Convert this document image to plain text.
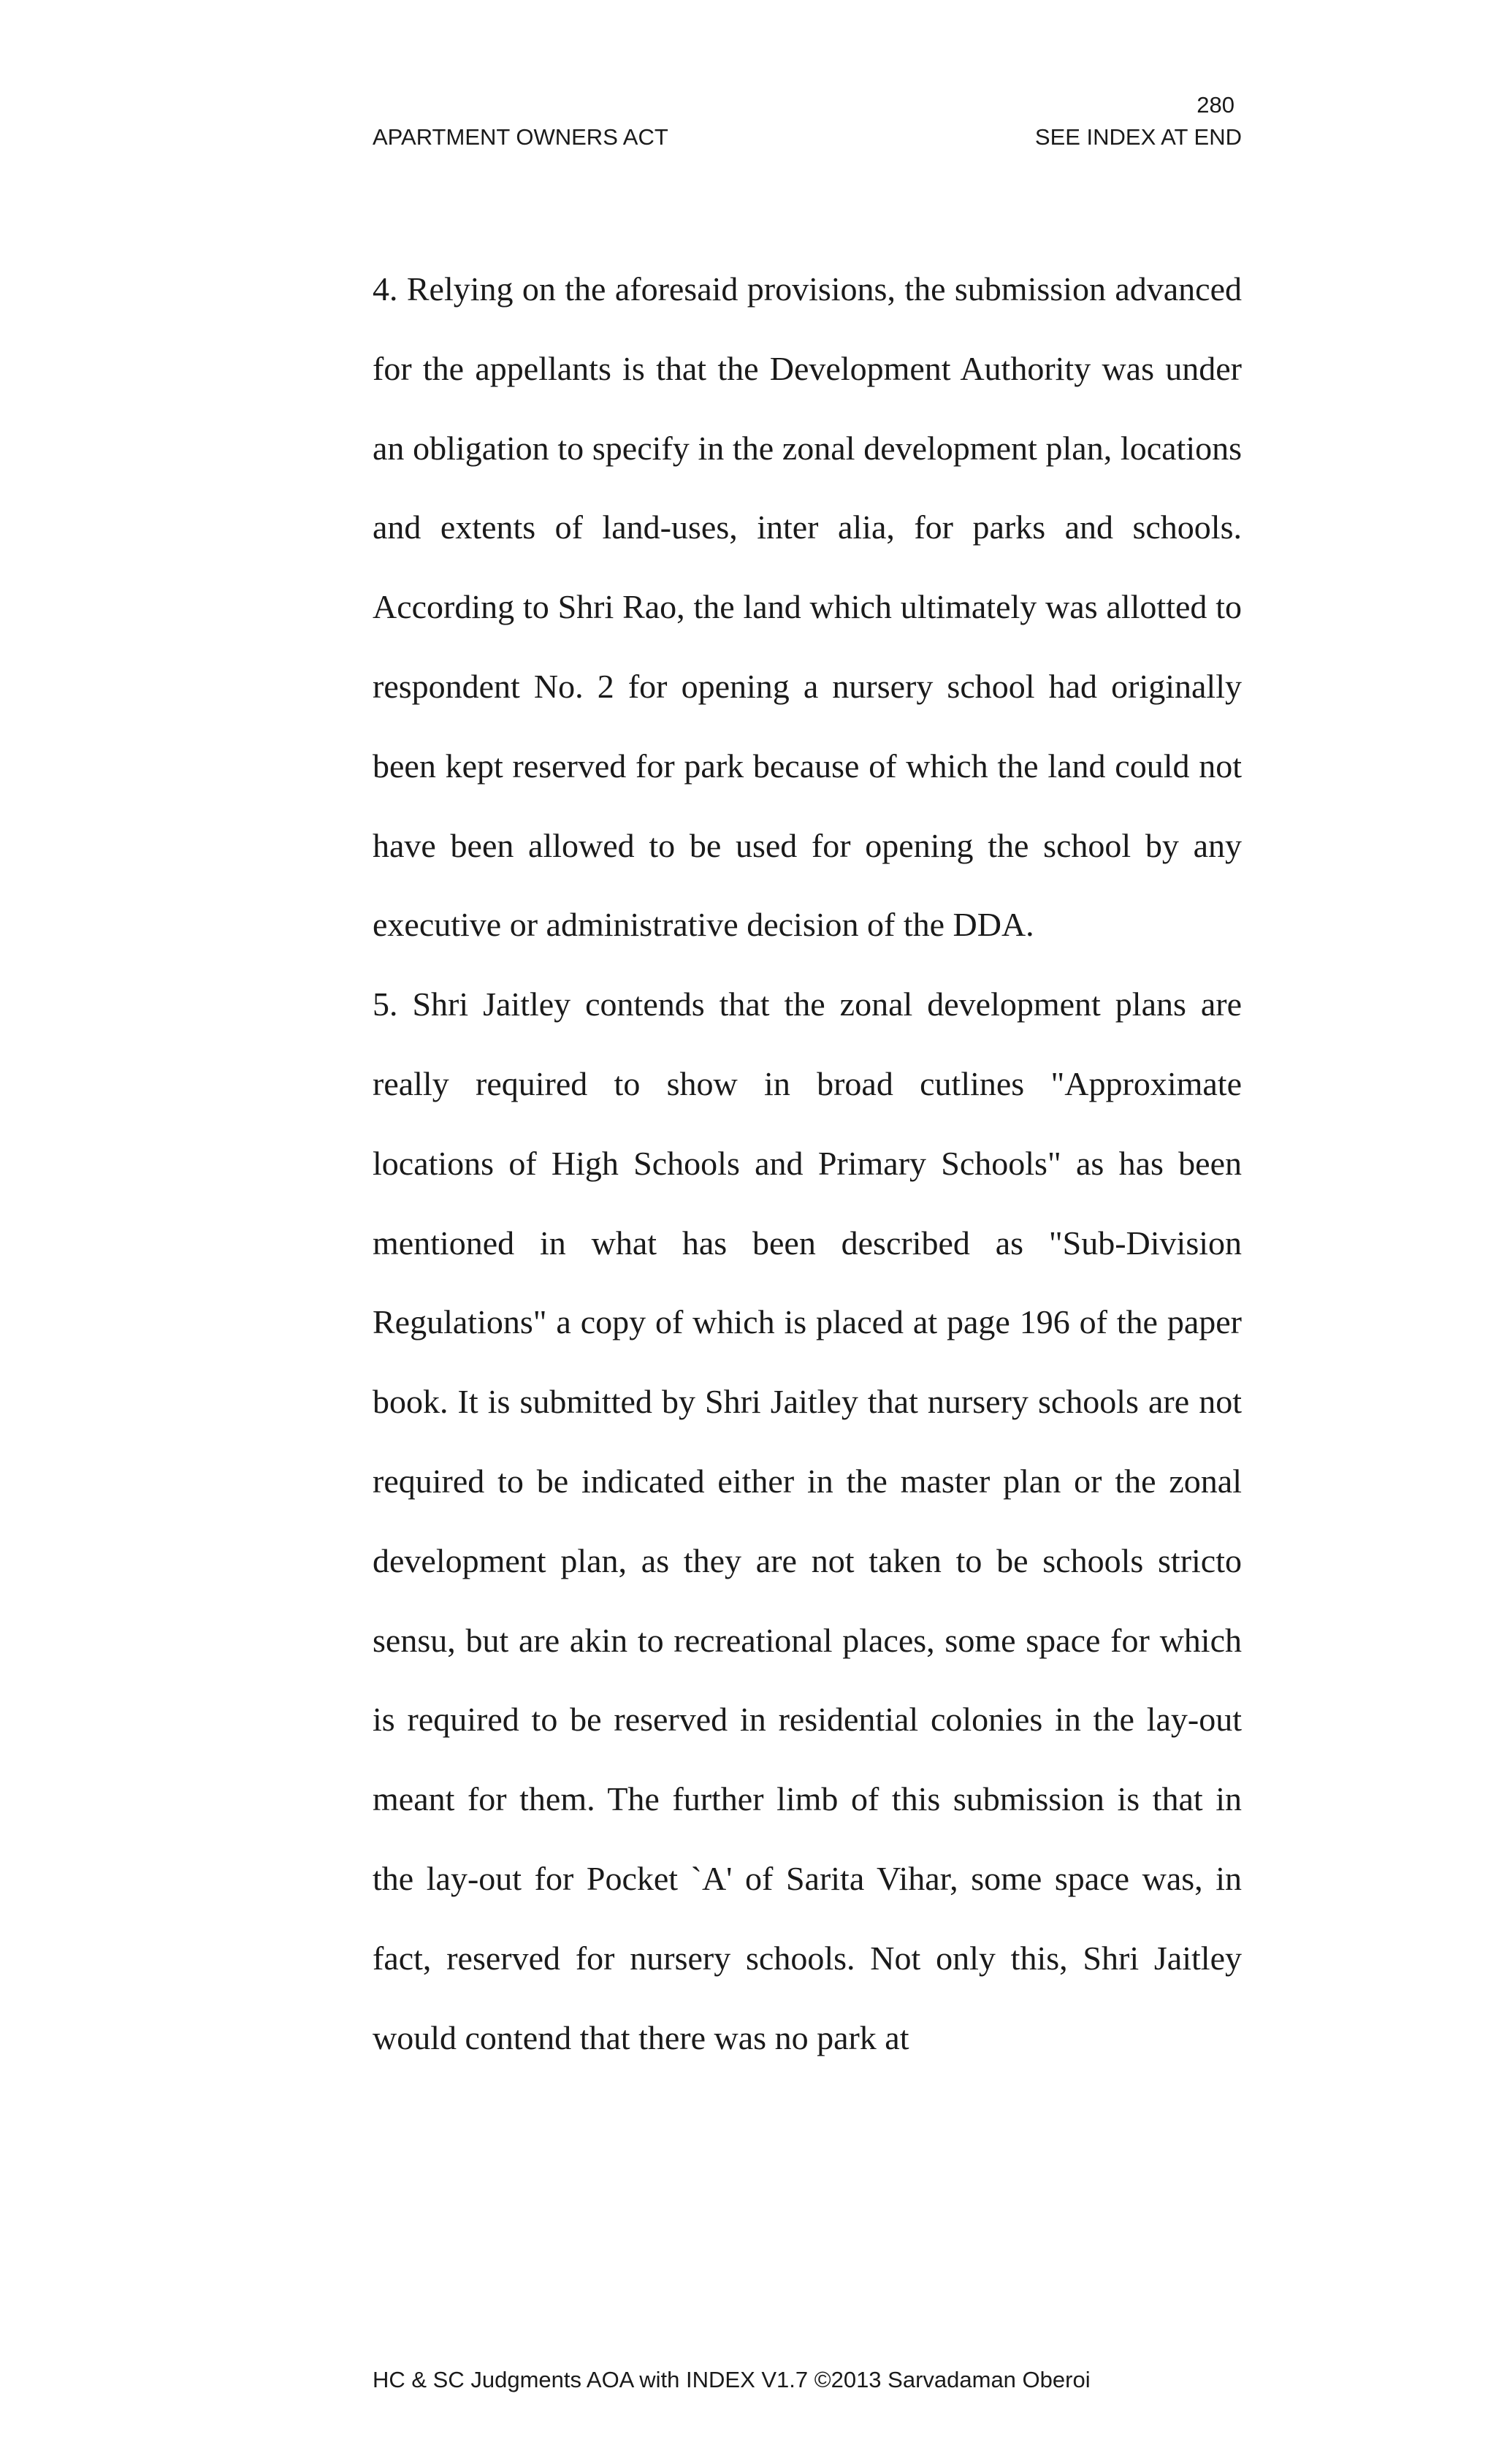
280
APARTMENT OWNERS ACT	SEE INDEX AT END

4. Relying on the aforesaid provisions, the submission advanced for the appellants is that the Development Authority was under an obligation to specify in the zonal development plan, locations and extents of land-uses, inter alia, for parks and schools. According to Shri Rao, the land which ultimately was allotted to respondent No. 2 for opening a nursery school had originally been kept reserved for park because of which the land could not have been allowed to be used for opening the school by any executive or administrative decision of the DDA.

5. Shri Jaitley contends that the zonal development plans are really required to show in broad cutlines "Approximate locations of High Schools and Primary Schools" as has been mentioned in what has been described as "Sub-Division Regulations" a copy of which is placed at page 196 of the paper book. It is submitted by Shri Jaitley that nursery schools are not required to be indicated either in the master plan or the zonal development plan, as they are not taken to be schools stricto sensu, but are akin to recreational places, some space for which is required to be reserved in residential colonies in the lay-out meant for them. The further limb of this submission is that in the lay-out for Pocket `A' of Sarita Vihar, some space was, in fact, reserved for nursery schools. Not only this, Shri Jaitley would contend that there was no park at

HC & SC Judgments AOA with INDEX V1.7 ©2013 Sarvadaman Oberoi
